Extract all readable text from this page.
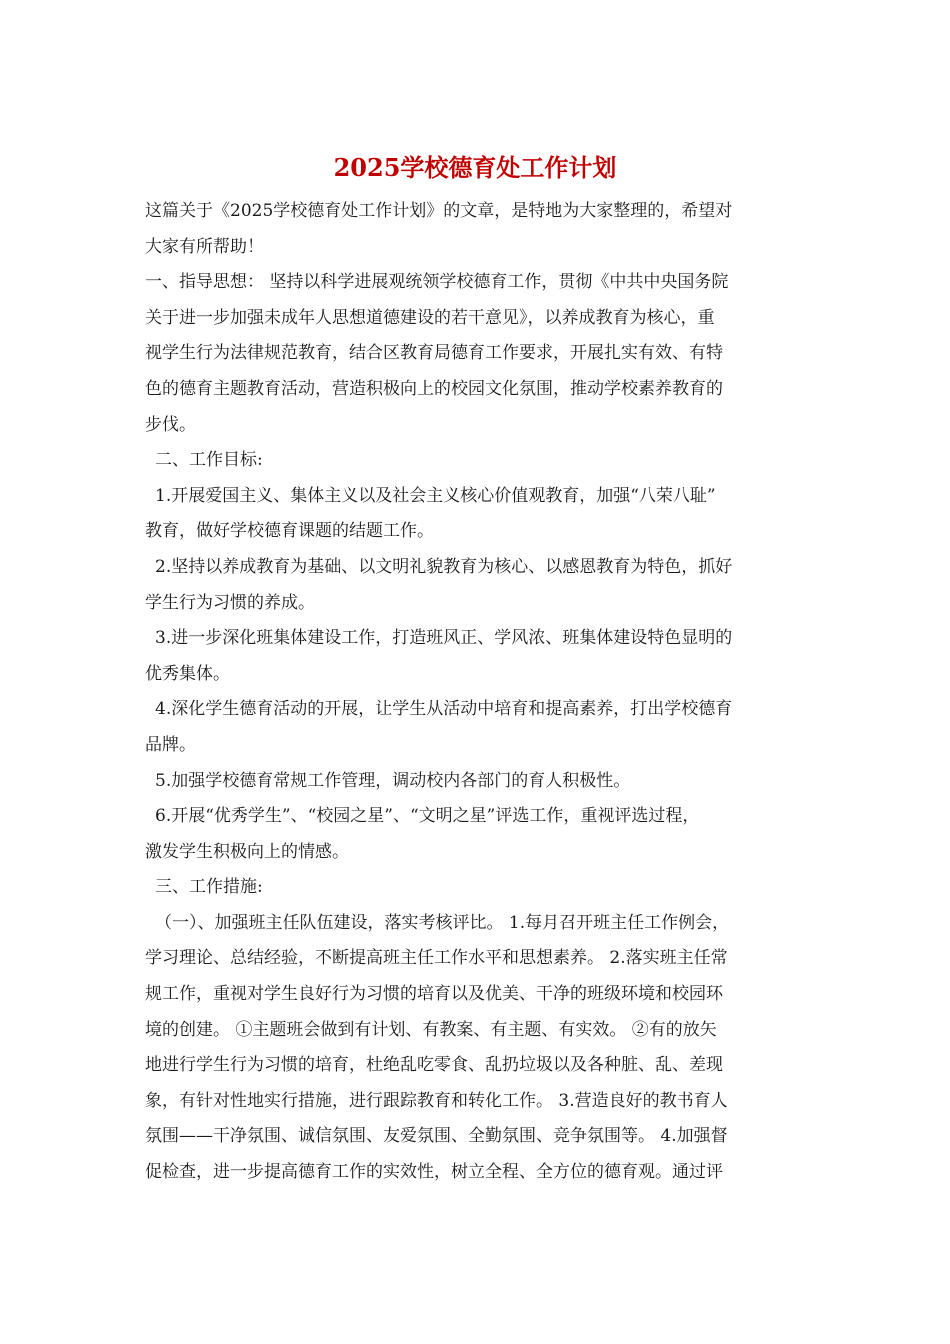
2025学校德育处工作计划

这篇关于《2025学校德育处工作计划》的文章，是特地为大家整理的，希望对

大家有所帮助！

一、指导思想： 坚持以科学进展观统领学校德育工作，贯彻《中共中央国务院

关于进一步加强未成年人思想道德建设的若干意见》，以养成教育为核心，重

视学生行为法律规范教育，结合区教育局德育工作要求，开展扎实有效、有特

色的德育主题教育活动，营造积极向上的校园文化氛围，推动学校素养教育的

步伐。

二、工作目标:

1.开展爱国主义、集体主义以及社会主义核心价值观教育，加强“八荣八耻”

教育，做好学校德育课题的结题工作。

2.坚持以养成教育为基础、以文明礼貌教育为核心、以感恩教育为特色，抓好

学生行为习惯的养成。

3.进一步深化班集体建设工作，打造班风正、学风浓、班集体建设特色显明的

优秀集体。

4.深化学生德育活动的开展，让学生从活动中培育和提高素养，打出学校德育

品牌。

5.加强学校德育常规工作管理，调动校内各部门的育人积极性。

6.开展“优秀学生”、“校园之星”、“文明之星”评选工作，重视评选过程，

激发学生积极向上的情感。

三、工作措施:

（一）、加强班主任队伍建设，落实考核评比。 1.每月召开班主任工作例会，

学习理论、总结经验，不断提高班主任工作水平和思想素养。 2.落实班主任常

规工作，重视对学生良好行为习惯的培育以及优美、干净的班级环境和校园环

境的创建。 ①主题班会做到有计划、有教案、有主题、有实效。 ②有的放矢

地进行学生行为习惯的培育，杜绝乱吃零食、乱扔垃圾以及各种脏、乱、差现

象，有针对性地实行措施，进行跟踪教育和转化工作。 3.营造良好的教书育人

氛围——干净氛围、诚信氛围、友爱氛围、全勤氛围、竞争氛围等。 4.加强督

促检查，进一步提高德育工作的实效性，树立全程、全方位的德育观。通过评
